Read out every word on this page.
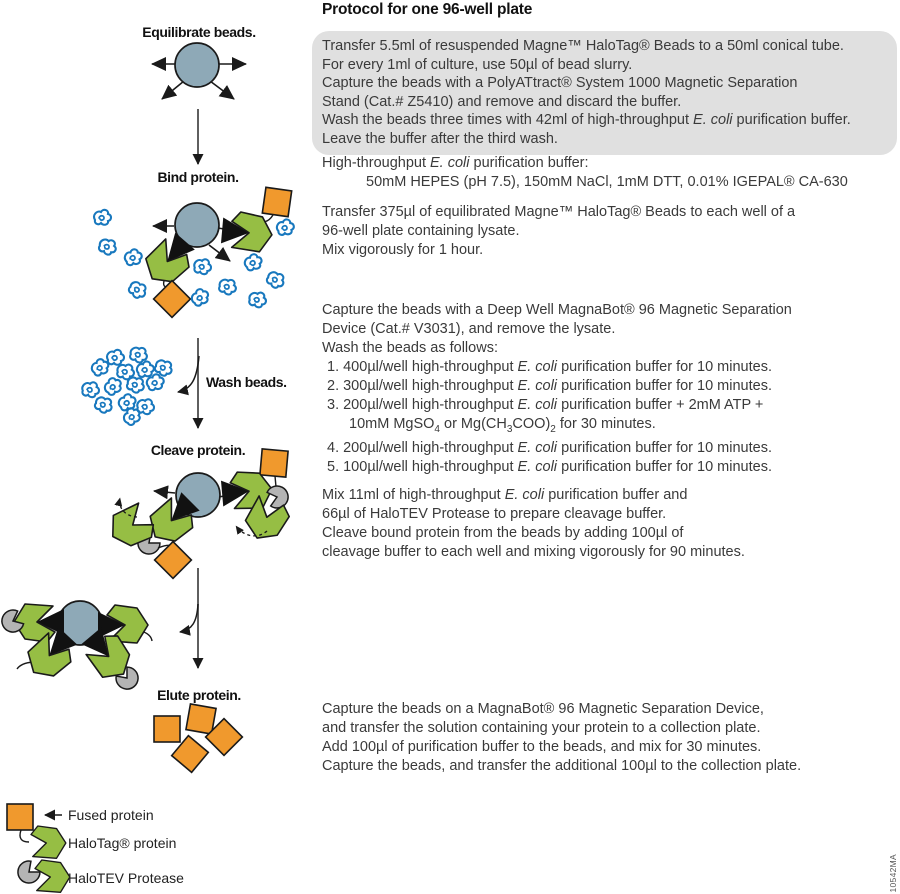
Protocol for one 96-well plate
Transfer 5.5ml of resuspended Magne™ HaloTag® Beads to a 50ml conical tube.
For every 1ml of culture, use 50µl of bead slurry.
Capture the beads with a PolyATtract® System 1000 Magnetic Separation
Stand (Cat.# Z5410) and remove and discard the buffer.
Wash the beads three times with 42ml of high-throughput E. coli purification buffer.
Leave the buffer after the third wash.
High-throughput E. coli purification buffer:
50mM HEPES (pH 7.5), 150mM NaCl, 1mM DTT, 0.01% IGEPAL® CA-630
Transfer 375µl of equilibrated Magne™ HaloTag® Beads to each well of a
96-well plate containing lysate.
Mix vigorously for 1 hour.
Capture the beads with a Deep Well MagnaBot® 96 Magnetic Separation
Device (Cat.# V3031), and remove the lysate.
Wash the beads as follows:
1. 400µl/well high-throughput E. coli purification buffer for 10 minutes.
2. 300µl/well high-throughput E. coli purification buffer for 10 minutes.
3. 200µl/well high-throughput E. coli purification buffer + 2mM ATP +
10mM MgSO$_4$ or $Mg(CH_3COO)_2$ for 30 minutes.
4. 200µl/well high-throughput E. coli purification buffer for 10 minutes.
5. 100µl/well high-throughput E. coli purification buffer for 10 minutes.
Mix 11ml of high-throughput E. coli purification buffer and
66µl of HaloTEV Protease to prepare cleavage buffer.
Cleave bound protein from the beads by adding 100µl of
cleavage buffer to each well and mixing vigorously for 90 minutes.
Capture the beads on a MagnaBot® 96 Magnetic Separation Device,
and transfer the solution containing your protein to a collection plate.
Add 100µl of purification buffer to the beads, and mix for 30 minutes.
Capture the beads, and transfer the additional 100µl to the collection plate.
10542MA
Equilibrate beads.
Bind protein.
Wash beads.
Cleave protein.
Elute protein.
Fused protein
HaloTag® protein
HaloTEV Protease
